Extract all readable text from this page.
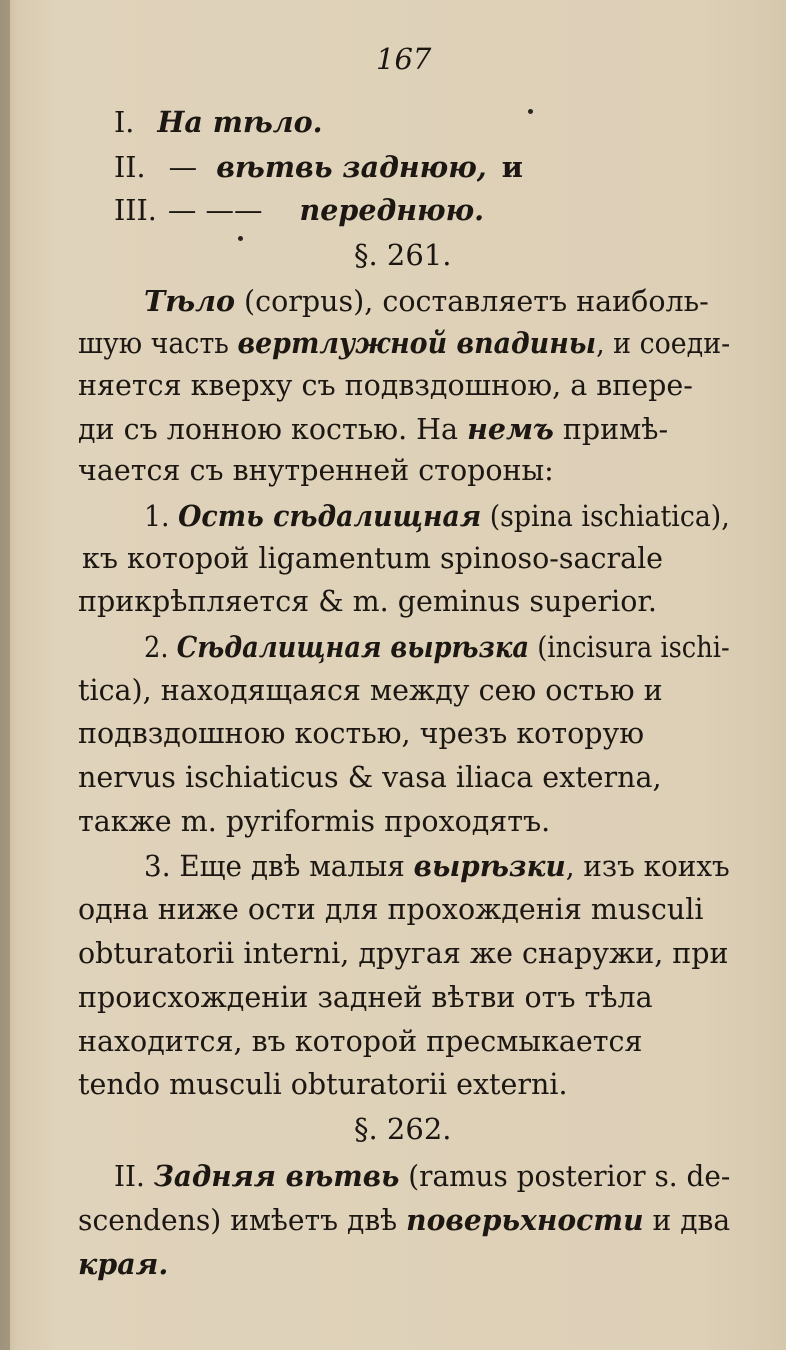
167
I. На тѣло.
II. — вѣтвь заднюю, и
III. — —— переднюю.
§. 261.
Тѣло (corpus), составляетъ наиболь-
шую часть вертлужной впадины, и соеди-
няется кверху съ подвздошною, а впере-
ди съ лонною костью. На немъ примѣ-
чается съ внутренней стороны:
1. Ость сѣдалищная (spina ischiatica),
къ которой ligamentum spinoso-sacrale
прикрѣпляется & m. geminus superior.
2. Сѣдалищная вырѣзка (incisura ischi-
tica), находящаяся между сею остью и
подвздошною костью, чрезъ которую
nervus ischiaticus & vasa iliaca externa,
также m. pyriformis проходятъ.
3. Еще двѣ малыя вырѣзки, изъ коихъ
одна ниже ости для прохожденія musculi
obturatorii interni, другая же снаружи, при
происхожденіи задней вѣтви отъ тѣла
находится, въ которой пресмыкается
tendo musculi obturatorii externi.
§. 262.
II. Задняя вѣтвь (ramus posterior s. de-
scendens) имѣетъ двѣ поверьхности и два
края.
